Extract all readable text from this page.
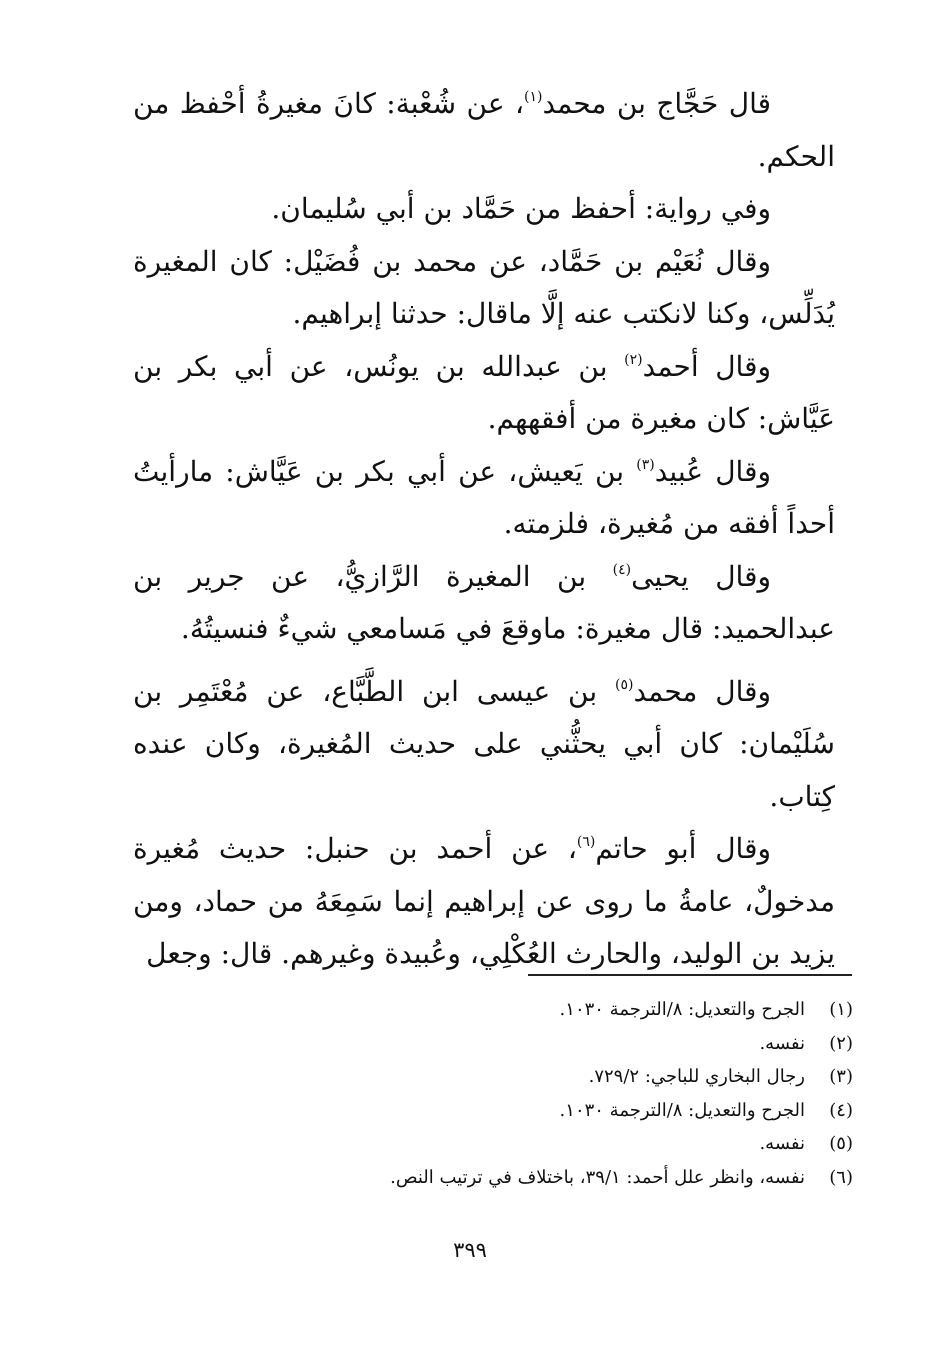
قال حَجَّاج بن محمد$^{(١)}$، عن شُعْبة: كانَ مغيرةُ أحْفظ من الحكم.

وفي رواية: أحفظ من حَمَّاد بن أبي سُليمان.

وقال نُعَيْم بن حَمَّاد، عن محمد بن فُضَيْل: كان المغيرة يُدَلِّس، وكنا لانكتب عنه إلَّا ماقال: حدثنا إبراهيم.

وقال أحمد$^{(٢)}$ بن عبدالله بن يونُس، عن أبي بكر بن عَيَّاش: كان مغيرة من أفقههم.

وقال عُبيد$^{(٣)}$ بن يَعيش، عن أبي بكر بن عَيَّاش: مارأيتُ أحداً أفقه من مُغيرة، فلزمته.

وقال يحيى$^{(٤)}$ بن المغيرة الرَّازيُّ، عن جرير بن عبدالحميد: قال مغيرة: ماوقعَ في مَسامعي شيءٌ فنسيتُهُ.

وقال محمد$^{(٥)}$ بن عيسى ابن الطَّبَّاع، عن مُعْتَمِر بن سُلَيْمان: كان أبي يحثُّني على حديث المُغيرة، وكان عنده كِتاب.

وقال أبو حاتم$^{(٦)}$، عن أحمد بن حنبل: حديث مُغيرة مدخولٌ، عامةُ ما روى عن إبراهيم إنما سَمِعَهُ من حماد، ومن يزيد بن الوليد، والحارث العُكْلِي، وعُبيدة وغيرهم. قال: وجعل

(١)الجرح والتعديل: ٨/الترجمة ١٠٣٠.
(٢)نفسه.
(٣)رجال البخاري للباجي: ٧٢٩/٢.
(٤)الجرح والتعديل: ٨/الترجمة ١٠٣٠.
(٥)نفسه.
(٦)نفسه، وانظر علل أحمد: ٣٩/١، باختلاف في ترتيب النص.
٣٩٩
